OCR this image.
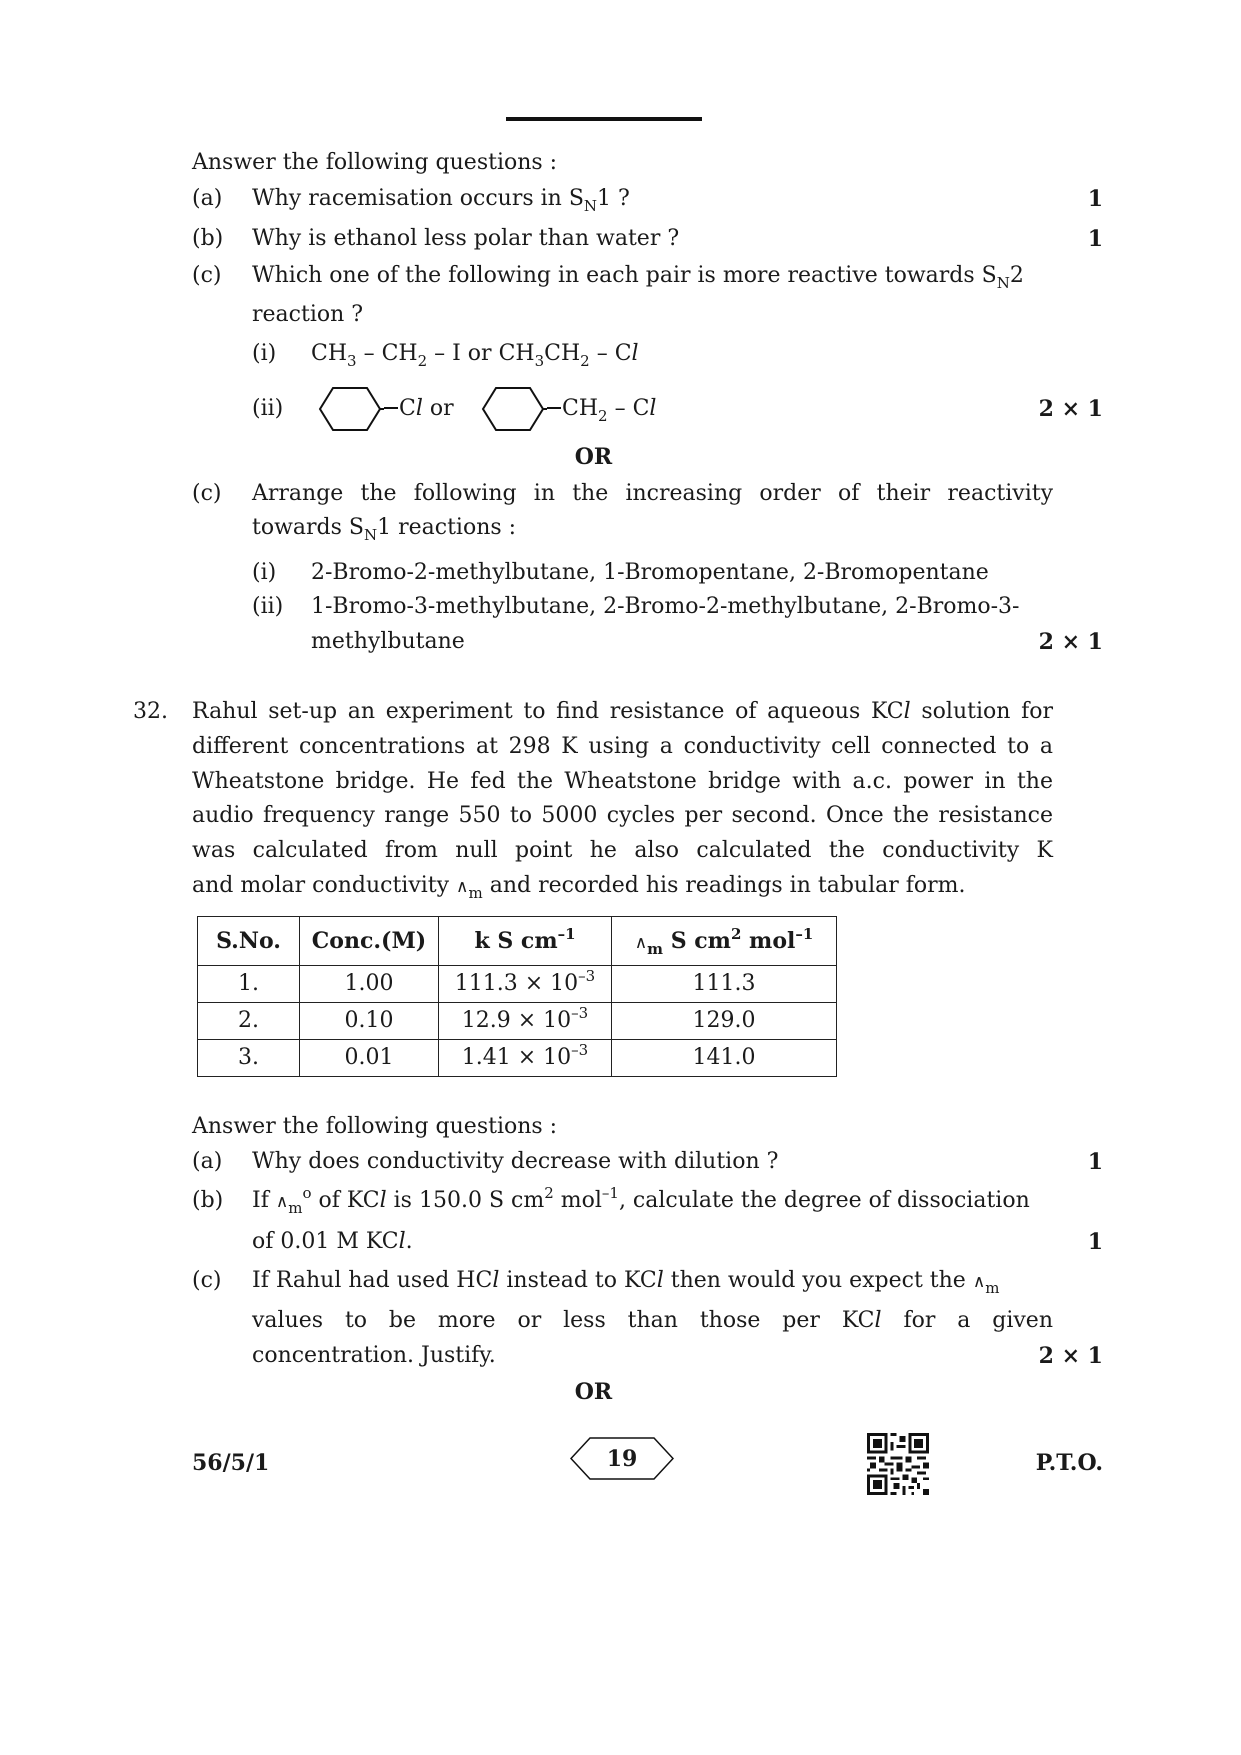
Answer the following questions :
(a) Why racemisation occurs in $S_N1$ ?	1
(b) Why is ethanol less polar than water ?	1
(c) Which one of the following in each pair is more reactive towards $S_N2$
reaction ?
(i) $CH_3 - CH_2$ – I or $CH_3CH_2$ – Cl
(ii)	Cl or	$CH_2$ – Cl	2 × 1
OR
(c) Arrange the following in the increasing order of their reactivity
towards $S_N1$ reactions :
(i) 2-Bromo-2-methylbutane, 1-Bromopentane, 2-Bromopentane
(ii) 1-Bromo-3-methylbutane, 2-Bromo-2-methylbutane, 2-Bromo-3-
methylbutane	2 × 1
32. Rahul set-up an experiment to find resistance of aqueous KCl solution for
different concentrations at 298 K using a conductivity cell connected to a
Wheatstone bridge. He fed the Wheatstone bridge with a.c. power in the
audio frequency range 550 to 5000 cycles per second. Once the resistance
was calculated from null point he also calculated the conductivity K
and molar conductivity $\wedge_m$ and recorded his readings in tabular form.
S.No.	Conc.(M)	k S $cm^{-1}$	$\wedge_m$ S $cm^2$ mol$^{-1}$
1.	1.00	$111.3 \times 10^{-3}$	111.3
2.	0.10	$12.9 \times 10^{-3}$	129.0
3.	0.01	$1.41 \times 10^{-3}$	141.0
Answer the following questions :
(a) Why does conductivity decrease with dilution ?	1
(b) If $\wedge_m^o$ of KCl is 150.0 S $cm^2$ mol$^{-1}$, calculate the degree of dissociation
of 0.01 M KCl.	1
(c) If Rahul had used HCl instead to KCl then would you expect the $\wedge_m$
values to be more or less than those per KCl for a given
concentration. Justify.	2 × 1
OR
56/5/1	19	P.T.O.
